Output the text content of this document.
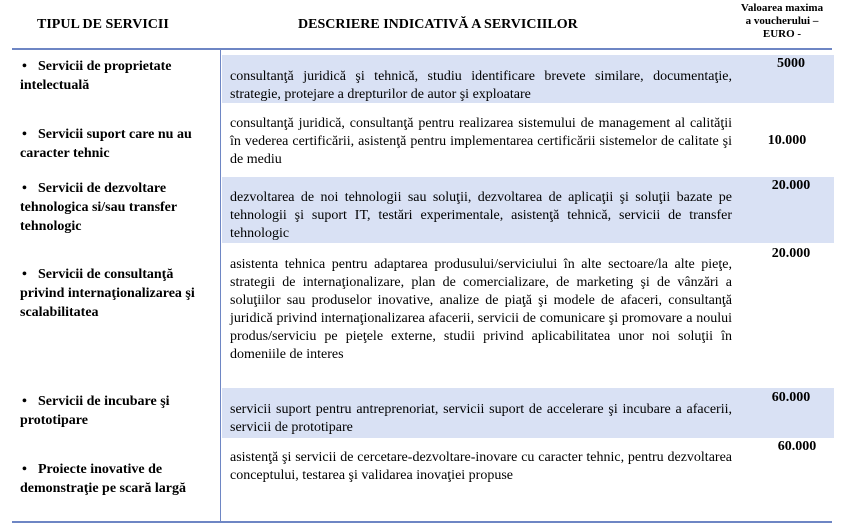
TIPUL DE SERVICII	DESCRIERE INDICATIVĂ A SERVICIILOR
Valoarea maxima
a voucherului –
EURO -
• Servicii de proprietate intelectuală
consultanţă juridică şi tehnică, studiu identificare brevete similare, documentaţie, strategie, protejare a drepturilor de autor şi exploatare
5000
• Servicii suport care nu au caracter tehnic
consultanţă juridică, consultanţă pentru realizarea sistemului de management al calităţii în vederea certificării, asistenţă pentru implementarea certificării sistemelor de calitate şi de mediu
10.000
• Servicii de dezvoltare tehnologica si/sau transfer tehnologic
dezvoltarea de noi tehnologii sau soluţii, dezvoltarea de aplicaţii şi soluţii bazate pe tehnologii şi suport IT, testări experimentale, asistenţă tehnică, servicii de transfer tehnologic
20.000
• Servicii de consultanţă privind internaţionalizarea şi scalabilitatea
asistenta tehnica pentru adaptarea produsului/serviciului în alte sectoare/la alte pieţe, strategii de internaţionalizare, plan de comercializare, de marketing şi de vânzări a soluţiilor sau produselor inovative, analize de piaţă şi modele de afaceri, consultanţă juridică privind internaţionalizarea afacerii, servicii de comunicare şi promovare a noului produs/serviciu pe pieţele externe, studii privind aplicabilitatea unor noi soluţii în domeniile de interes
20.000
• Servicii de incubare şi prototipare
servicii suport pentru antreprenoriat, servicii suport de accelerare şi incubare a afacerii, servicii de prototipare
60.000
• Proiecte inovative de demonstraţie pe scară largă
asistenţă şi servicii de cercetare-dezvoltare-inovare cu caracter tehnic, pentru dezvoltarea conceptului, testarea şi validarea inovaţiei propuse
60.000
